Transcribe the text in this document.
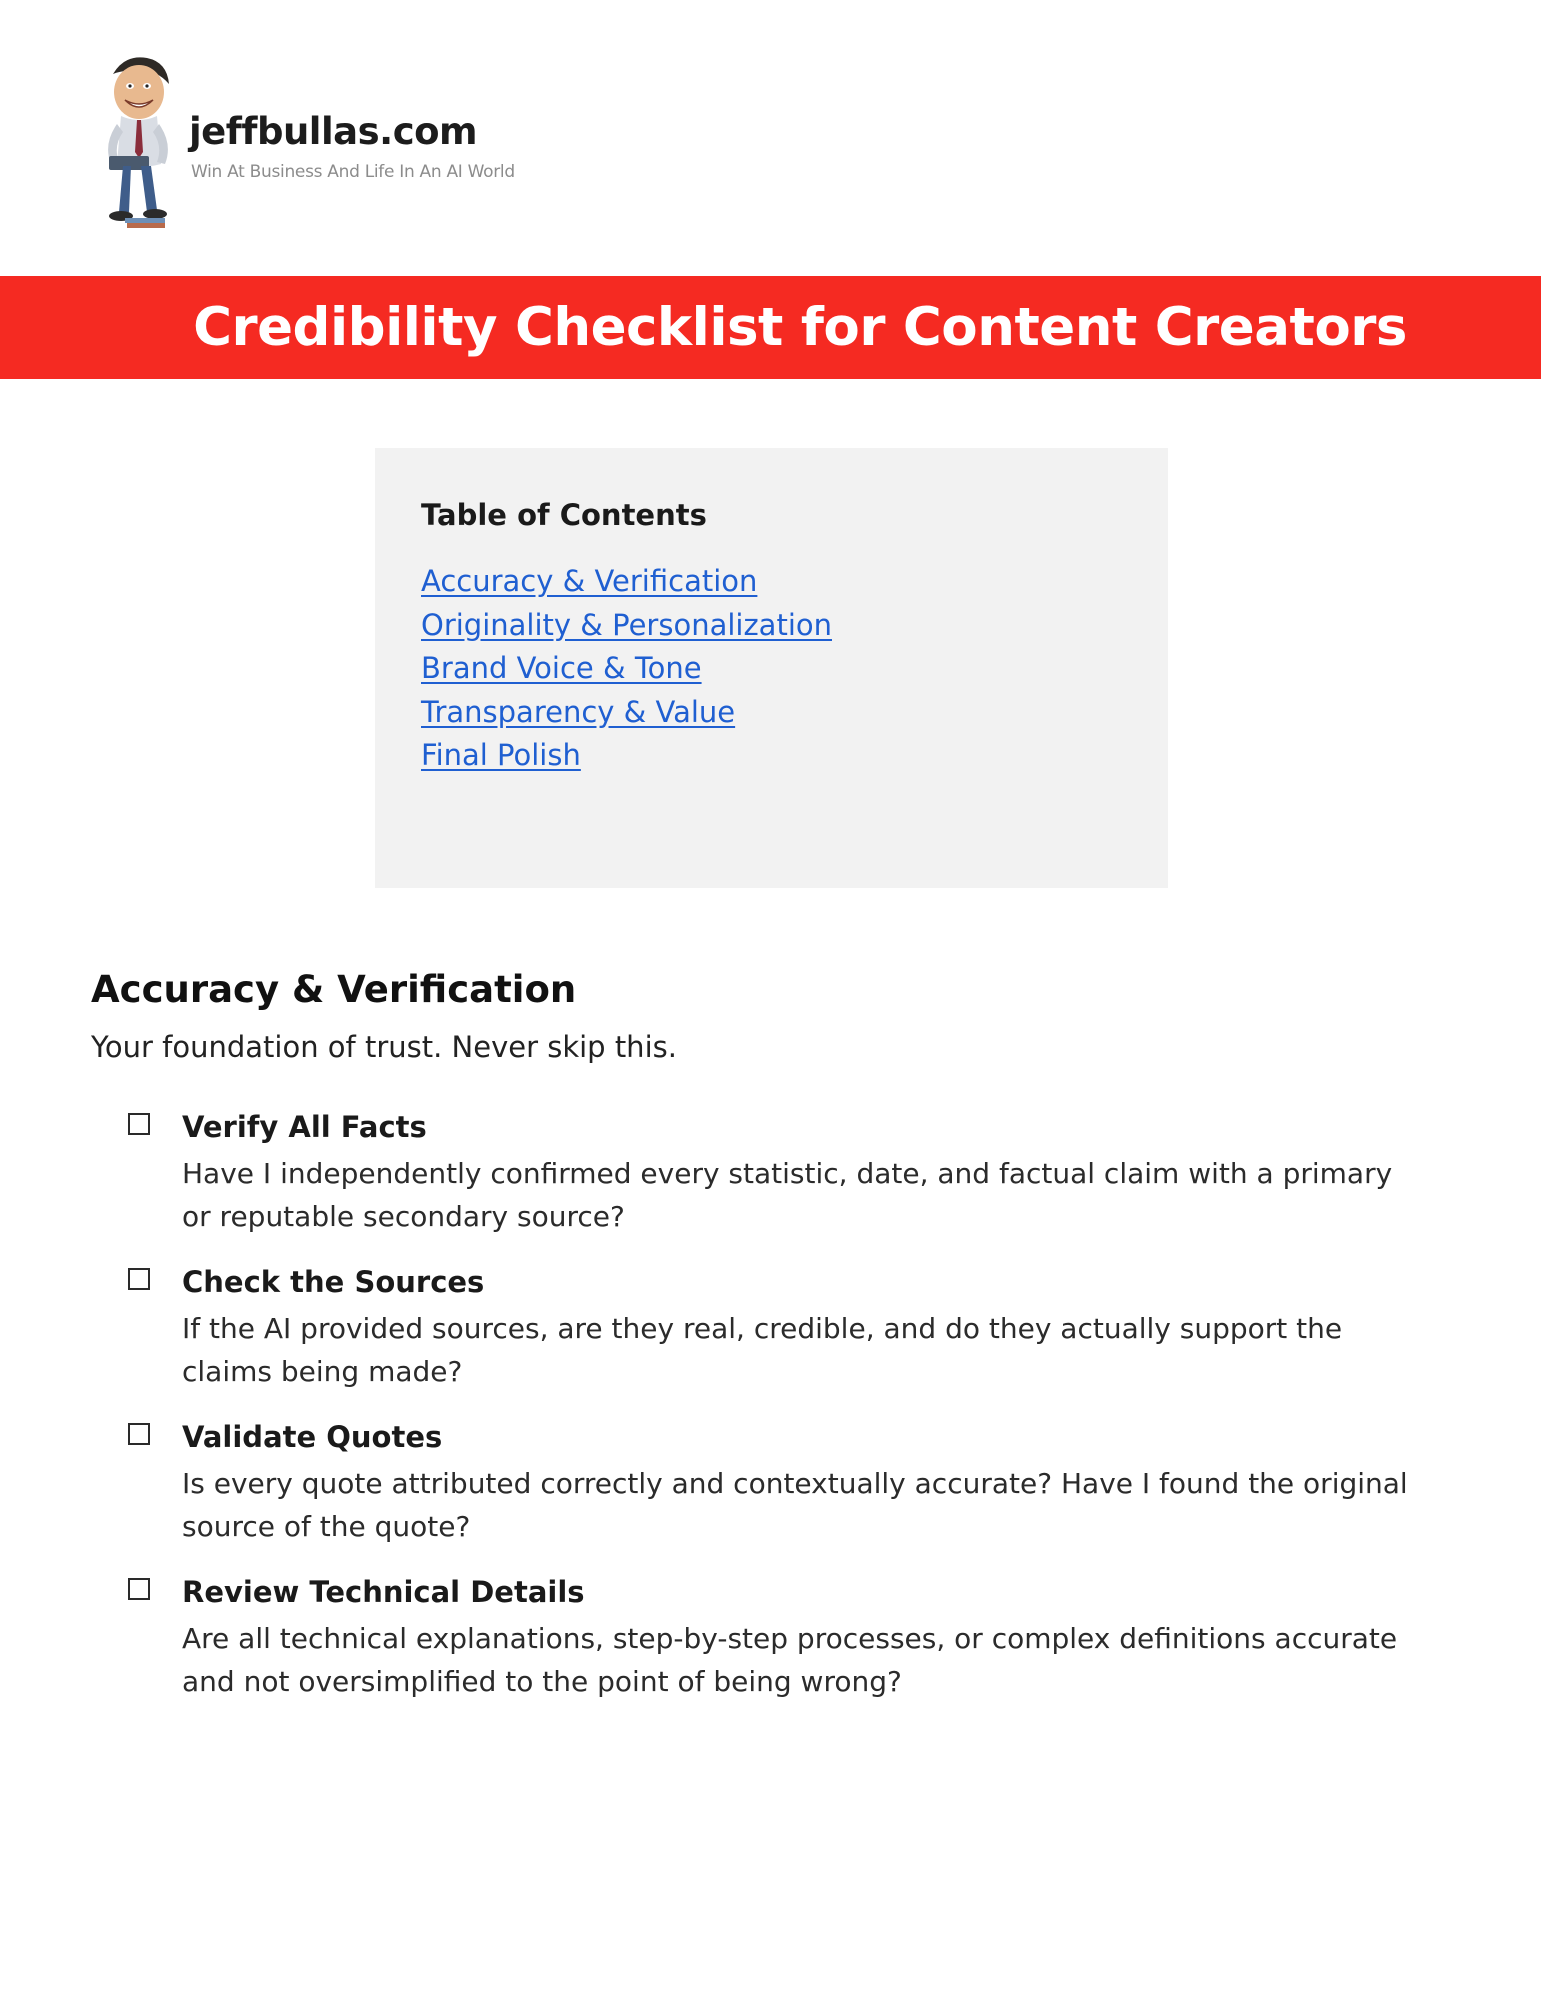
jeffbullas.com
Win At Business And Life In An AI World
Credibility Checklist for Content Creators
Table of Contents
Accuracy & Verification
Originality & Personalization
Brand Voice & Tone
Transparency & Value
Final Polish
Accuracy & Verification

Your foundation of trust. Never skip this.

Verify All Facts

Have I independently confirmed every statistic, date, and factual claim with a primary or reputable secondary source?

Check the Sources

If the AI provided sources, are they real, credible, and do they actually support the claims being made?

Validate Quotes

Is every quote attributed correctly and contextually accurate? Have I found the original source of the quote?

Review Technical Details

Are all technical explanations, step-by-step processes, or complex definitions accurate and not oversimplified to the point of being wrong?
